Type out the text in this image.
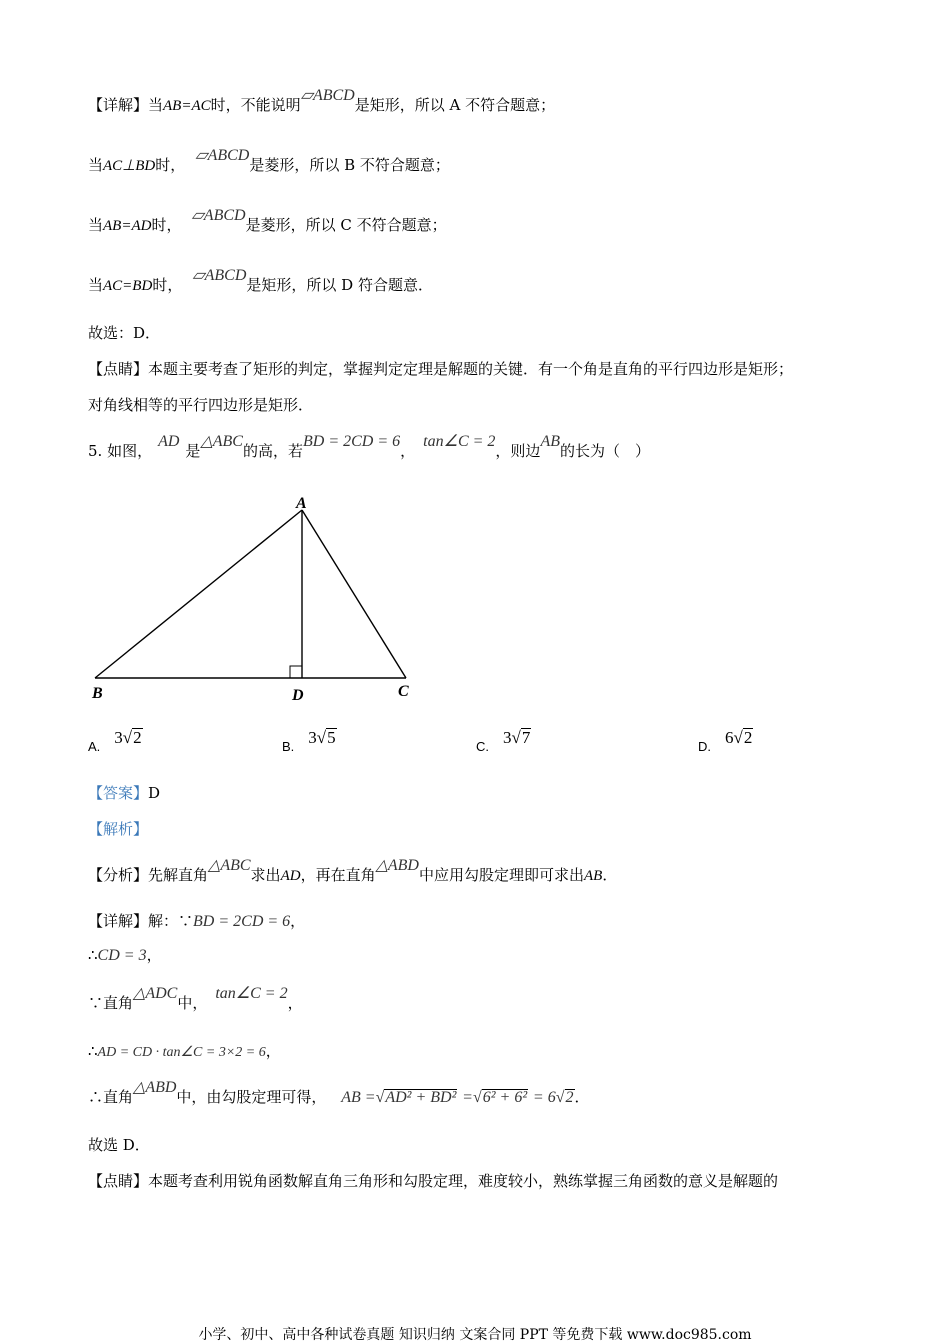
【详解】当AB=AC时，不能说明▱ABCD是矩形，所以 A 不符合题意；
当AC⊥BD时，▱ABCD是菱形，所以 B 不符合题意；
当AB=AD时，▱ABCD是菱形，所以 C 不符合题意；
当AC=BD时，▱ABCD是矩形，所以 D 符合题意．
故选：D．
【点睛】本题主要考查了矩形的判定，掌握判定定理是解题的关键．有一个角是直角的平行四边形是矩形；
对角线相等的平行四边形是矩形．
5. 如图，AD是△ABC的高，若BD = 2CD = 6，tan∠C = 2，则边AB的长为（　）
A
B	C
D
A. 3√2	B. 3√5	C. 3√7	D. 6√2
【答案】D
【解析】
【分析】先解直角△ABC求出AD，再在直角△ABD中应用勾股定理即可求出AB．
【详解】解：∵BD = 2CD = 6，
∴CD = 3，
∵直角△ADC中，tan∠C = 2，
∴AD = CD · tan∠C = 3×2 = 6，
∴直角△ABD中，由勾股定理可得， AB =√AD² + BD² =√6² + 6² = 6√2．
故选 D．
【点睛】本题考查利用锐角函数解直角三角形和勾股定理，难度较小，熟练掌握三角函数的意义是解题的
小学、初中、高中各种试卷真题 知识归纳 文案合同 PPT 等免费下载 www.doc985.com
